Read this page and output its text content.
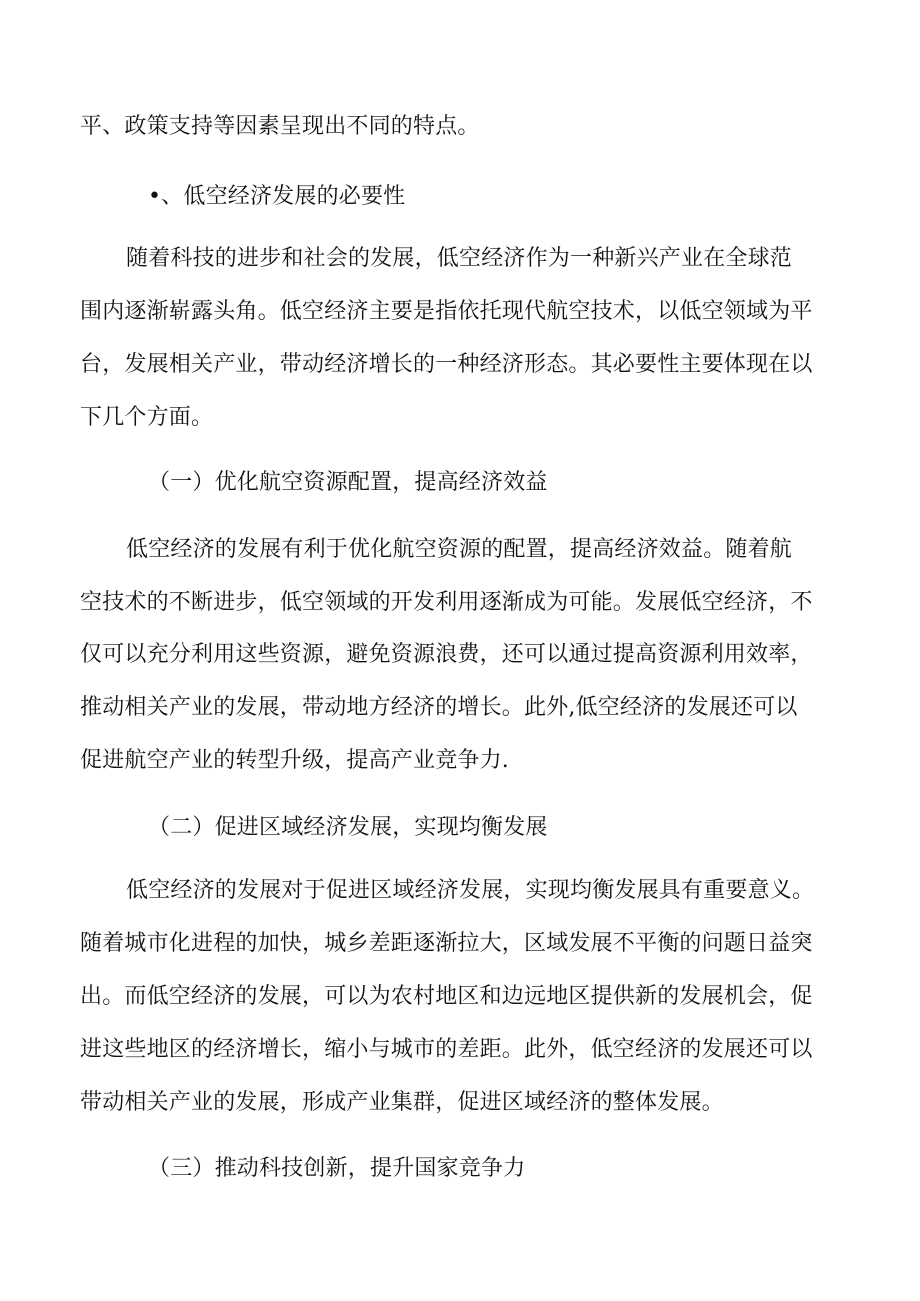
平、政策支持等因素呈现出不同的特点。
•、低空经济发展的必要性
随着科技的进步和社会的发展，低空经济作为一种新兴产业在全球范
围内逐渐崭露头角。低空经济主要是指依托现代航空技术，以低空领域为平
台，发展相关产业，带动经济增长的一种经济形态。其必要性主要体现在以
下几个方面。
（一）优化航空资源配置，提高经济效益
低空经济的发展有利于优化航空资源的配置，提高经济效益。随着航
空技术的不断进步，低空领域的开发利用逐渐成为可能。发展低空经济，不
仅可以充分利用这些资源，避免资源浪费，还可以通过提高资源利用效率，
推动相关产业的发展，带动地方经济的增长。此外,低空经济的发展还可以
促进航空产业的转型升级，提高产业竞争力.
（二）促进区域经济发展，实现均衡发展
低空经济的发展对于促进区域经济发展，实现均衡发展具有重要意义。
随着城市化进程的加快，城乡差距逐渐拉大，区域发展不平衡的问题日益突
出。而低空经济的发展，可以为农村地区和边远地区提供新的发展机会，促
进这些地区的经济增长，缩小与城市的差距。此外，低空经济的发展还可以
带动相关产业的发展，形成产业集群，促进区域经济的整体发展。
（三）推动科技创新，提升国家竞争力
